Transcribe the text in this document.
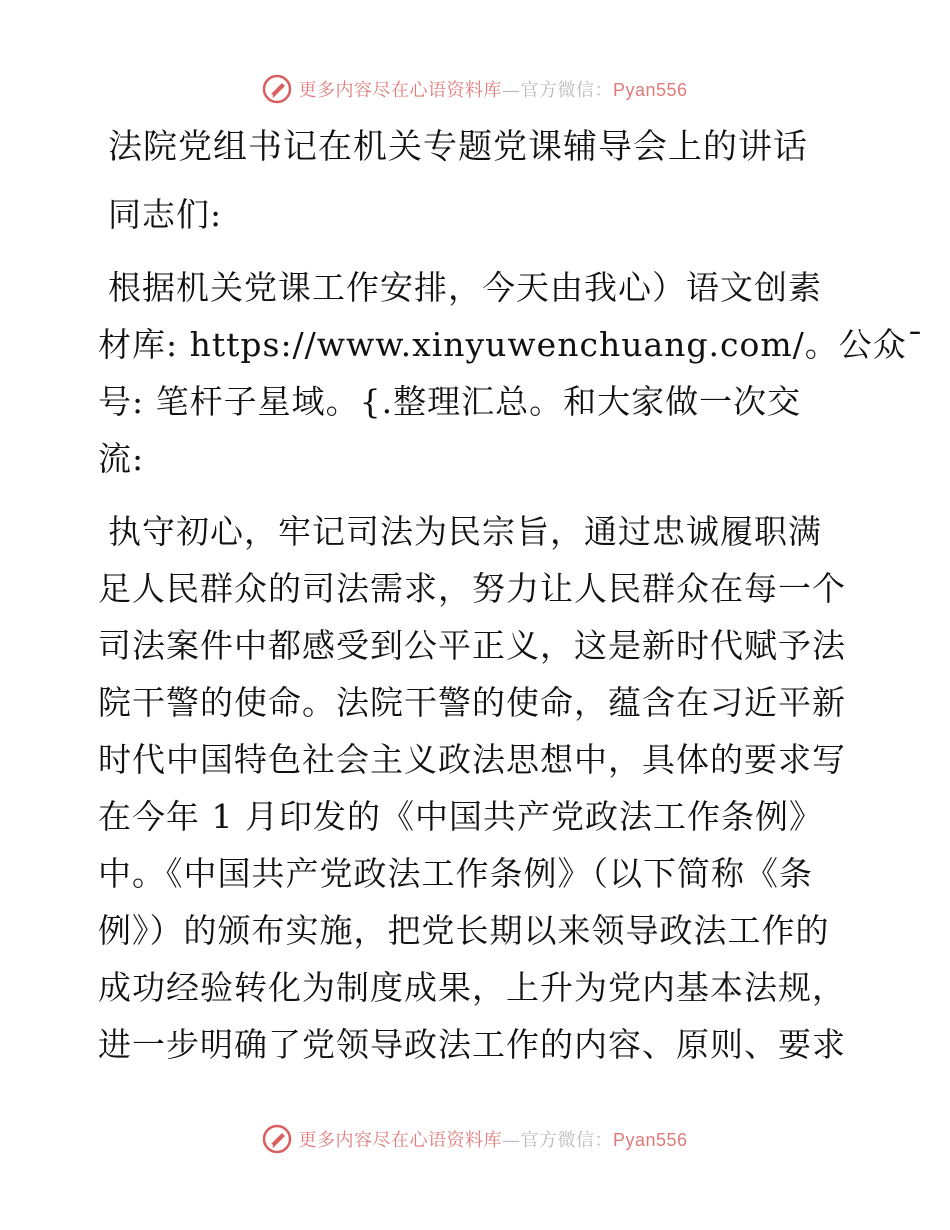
更多内容尽在心语资料库—官方微信：Pyan556
法院党组书记在机关专题党课辅导会上的讲话
同志们:
根据机关党课工作安排，今天由我心）语文创素
材库: https://www.xinyuwenchuang.com/。公众¯
号: 笔杆子星域。{.整理汇总。和大家做一次交
流:
执守初心，牢记司法为民宗旨，通过忠诚履职满
足人民群众的司法需求，努力让人民群众在每一个
司法案件中都感受到公平正义，这是新时代赋予法
院干警的使命。法院干警的使命，蕴含在习近平新
时代中国特色社会主义政法思想中，具体的要求写
在今年 1 月印发的《中国共产党政法工作条例》
中。《中国共产党政法工作条例》（以下简称《条
例》）的颁布实施，把党长期以来领导政法工作的
成功经验转化为制度成果，上升为党内基本法规，
进一步明确了党领导政法工作的内容、原则、要求
更多内容尽在心语资料库—官方微信：Pyan556
